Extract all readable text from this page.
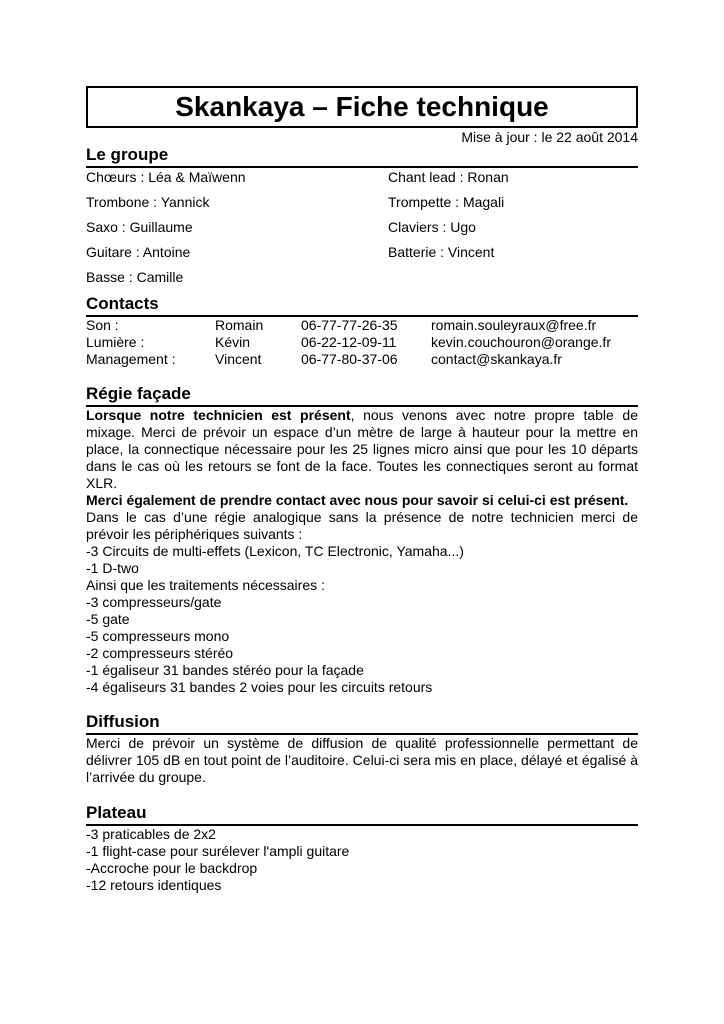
Skankaya – Fiche technique
Mise à jour : le 22 août 2014
Le groupe
Chœurs : Léa & Maïwenn	Chant lead : Ronan
Trombone : Yannick	Trompette : Magali
Saxo : Guillaume	Claviers : Ugo
Guitare : Antoine	Batterie : Vincent
Basse : Camille
Contacts
Son :	Romain	06-77-77-26-35	romain.souleyraux@free.fr
Lumière :	Kévin	06-22-12-09-11	kevin.couchouron@orange.fr
Management :	Vincent	06-77-80-37-06	contact@skankaya.fr
Régie façade

Lorsque notre technicien est présent, nous venons avec notre propre table de mixage. Merci de prévoir un espace d’un mètre de large à hauteur pour la mettre en place, la connectique nécessaire pour les 25 lignes micro ainsi que pour les 10 départs dans le cas où les retours se font de la face. Toutes les connectiques seront au format XLR.

Merci également de prendre contact avec nous pour savoir si celui-ci est présent.

Dans le cas d’une régie analogique sans la présence de notre technicien merci de prévoir les périphériques suivants :

-3 Circuits de multi-effets (Lexicon, TC Electronic, Yamaha...)
-1 D-two
Ainsi que les traitements nécessaires :
-3 compresseurs/gate
-5 gate
-5 compresseurs mono
-2 compresseurs stéréo
-1 égaliseur 31 bandes stéréo pour la façade
-4 égaliseurs 31 bandes 2 voies pour les circuits retours
Diffusion

Merci de prévoir un système de diffusion de qualité professionnelle permettant de délivrer 105 dB en tout point de l’auditoire. Celui-ci sera mis en place, délayé et égalisé à l’arrivée du groupe.

Plateau
-3 praticables de 2x2
-1 flight-case pour surélever l'ampli guitare
-Accroche pour le backdrop
-12 retours identiques
